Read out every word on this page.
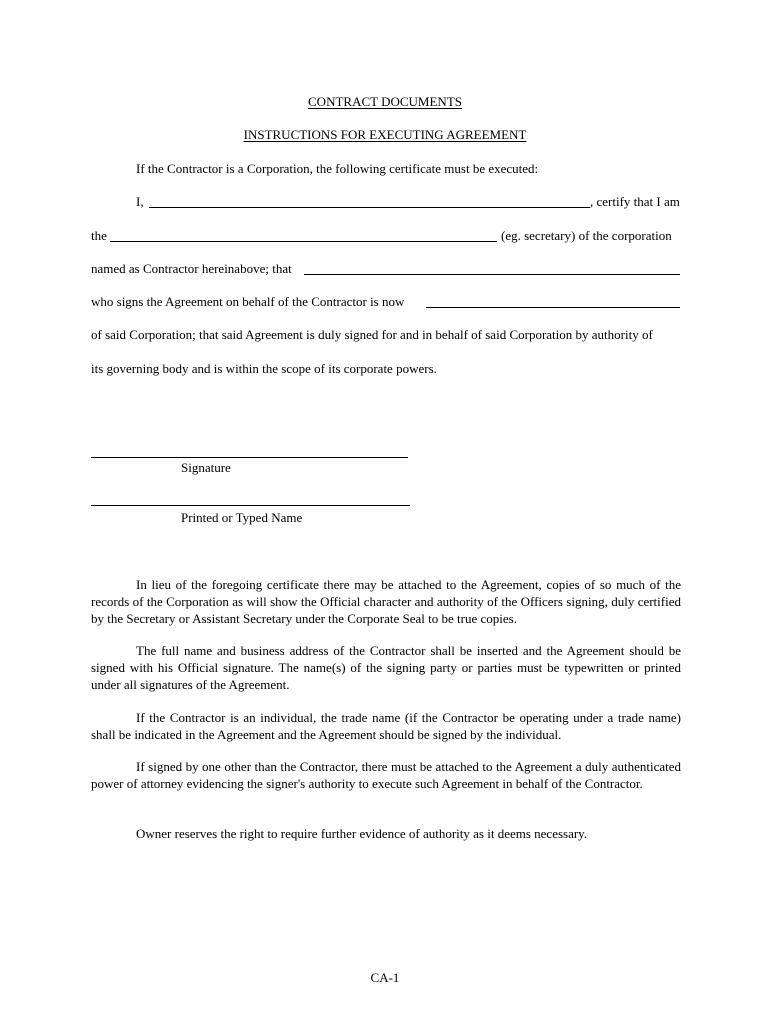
CONTRACT DOCUMENTS
INSTRUCTIONS FOR EXECUTING AGREEMENT
If the Contractor is a Corporation, the following certificate must be executed:
I,	, certify that I am
the	(eg. secretary) of the corporation
named as Contractor hereinabove; that
who signs the Agreement on behalf of the Contractor is now
of said Corporation; that said Agreement is duly signed for and in behalf of said Corporation by authority of
its governing body and is within the scope of its corporate powers.
Signature
Printed or Typed Name
In lieu of the foregoing certificate there may be attached to the Agreement, copies of so much of the records of the Corporation as will show the Official character and authority of the Officers signing, duly certified by the Secretary or Assistant Secretary under the Corporate Seal to be true copies.
The full name and business address of the Contractor shall be inserted and the Agreement should be signed with his Official signature. The name(s) of the signing party or parties must be typewritten or printed under all signatures of the Agreement.
If the Contractor is an individual, the trade name (if the Contractor be operating under a trade name) shall be indicated in the Agreement and the Agreement should be signed by the individual.
If signed by one other than the Contractor, there must be attached to the Agreement a duly authenticated power of attorney evidencing the signer's authority to execute such Agreement in behalf of the Contractor.
Owner reserves the right to require further evidence of authority as it deems necessary.
CA-1
